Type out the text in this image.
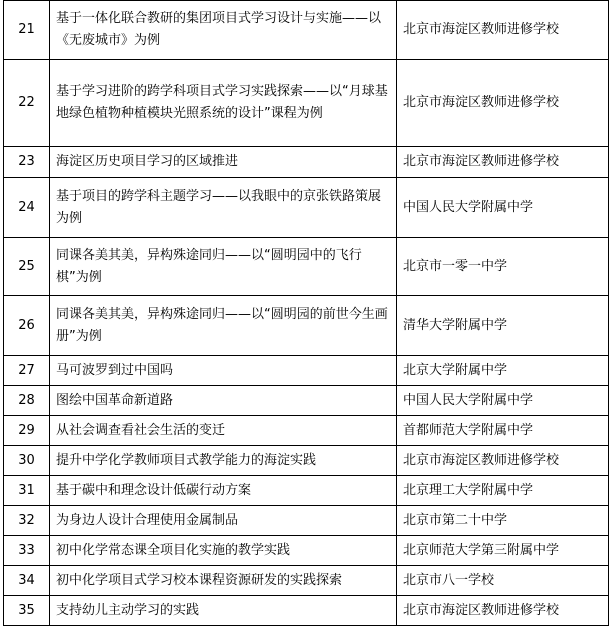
21	基于一体化联合教研的集团项目式学习设计与实施——以《无废城市》为例	北京市海淀区教师进修学校
22	基于学习进阶的跨学科项目式学习实践探索——以“月球基地绿色植物种植模块光照系统的设计”课程为例	北京市海淀区教师进修学校
23	海淀区历史项目学习的区域推进	北京市海淀区教师进修学校
24	基于项目的跨学科主题学习——以我眼中的京张铁路策展为例	中国人民大学附属中学
25	同课各美其美，异构殊途同归——以“圆明园中的飞行棋”为例	北京市一零一中学
26	同课各美其美，异构殊途同归——以“圆明园的前世今生画册”为例	清华大学附属中学
27	马可波罗到过中国吗	北京大学附属中学
28	图绘中国革命新道路	中国人民大学附属中学
29	从社会调查看社会生活的变迁	首都师范大学附属中学
30	提升中学化学教师项目式教学能力的海淀实践	北京市海淀区教师进修学校
31	基于碳中和理念设计低碳行动方案	北京理工大学附属中学
32	为身边人设计合理使用金属制品	北京市第二十中学
33	初中化学常态课全项目化实施的教学实践	北京师范大学第三附属中学
34	初中化学项目式学习校本课程资源研发的实践探索	北京市八一学校
35	支持幼儿主动学习的实践	北京市海淀区教师进修学校
